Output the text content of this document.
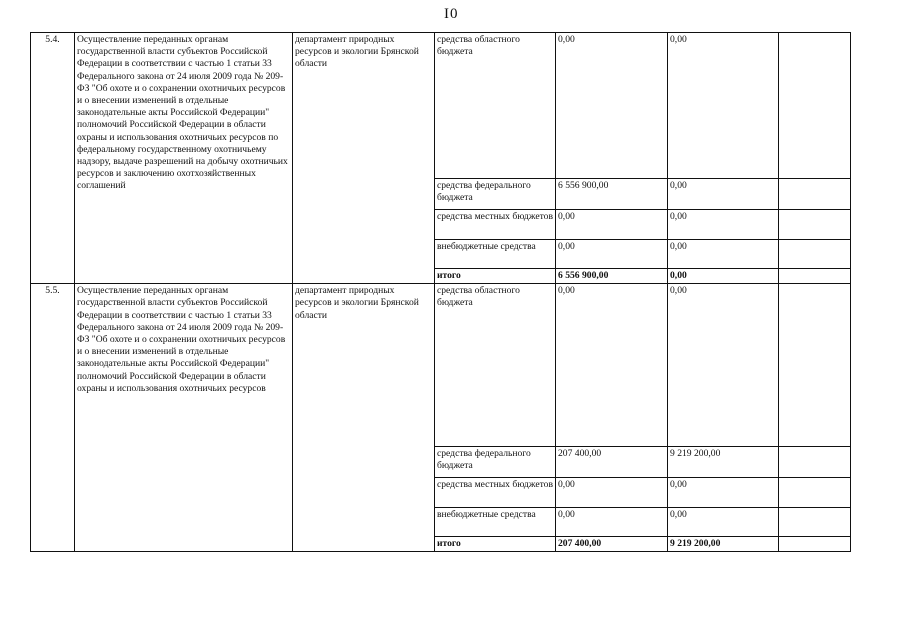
I0
5.4.	Осуществление переданных органам государственной власти субъектов Российской Федерации в соответствии с частью 1 статьи 33 Федерального закона от 24 июля 2009 года № 209-ФЗ "Об охоте и о сохранении охотничьих ресурсов и о внесении изменений в отдельные законодательные акты Российской Федерации" полномочий Российской Федерации в области охраны и использования охотничьих ресурсов по федеральному государственному охотничьему надзору, выдаче разрешений на добычу охотничьих ресурсов и заключению охотхозяйственных соглашений	департамент природных ресурсов и экологии Брянской области	средства областного бюджета	0,00	0,00	
			средства федерального бюджета	6 556 900,00	0,00	
			средства местных бюджетов	0,00	0,00	
			внебюджетные средства	0,00	0,00	
			итого	6 556 900,00	0,00	
5.5.	Осуществление переданных органам государственной власти субъектов Российской Федерации в соответствии с частью 1 статьи 33 Федерального закона от 24 июля 2009 года № 209-ФЗ "Об охоте и о сохранении охотничьих ресурсов и о внесении изменений в отдельные законодательные акты Российской Федерации" полномочий Российской Федерации в области охраны и использования охотничьих ресурсов	департамент природных ресурсов и экологии Брянской области	средства областного бюджета	0,00	0,00	
			средства федерального бюджета	207 400,00	9 219 200,00	
			средства местных бюджетов	0,00	0,00	
			внебюджетные средства	0,00	0,00	
			итого	207 400,00	9 219 200,00	
